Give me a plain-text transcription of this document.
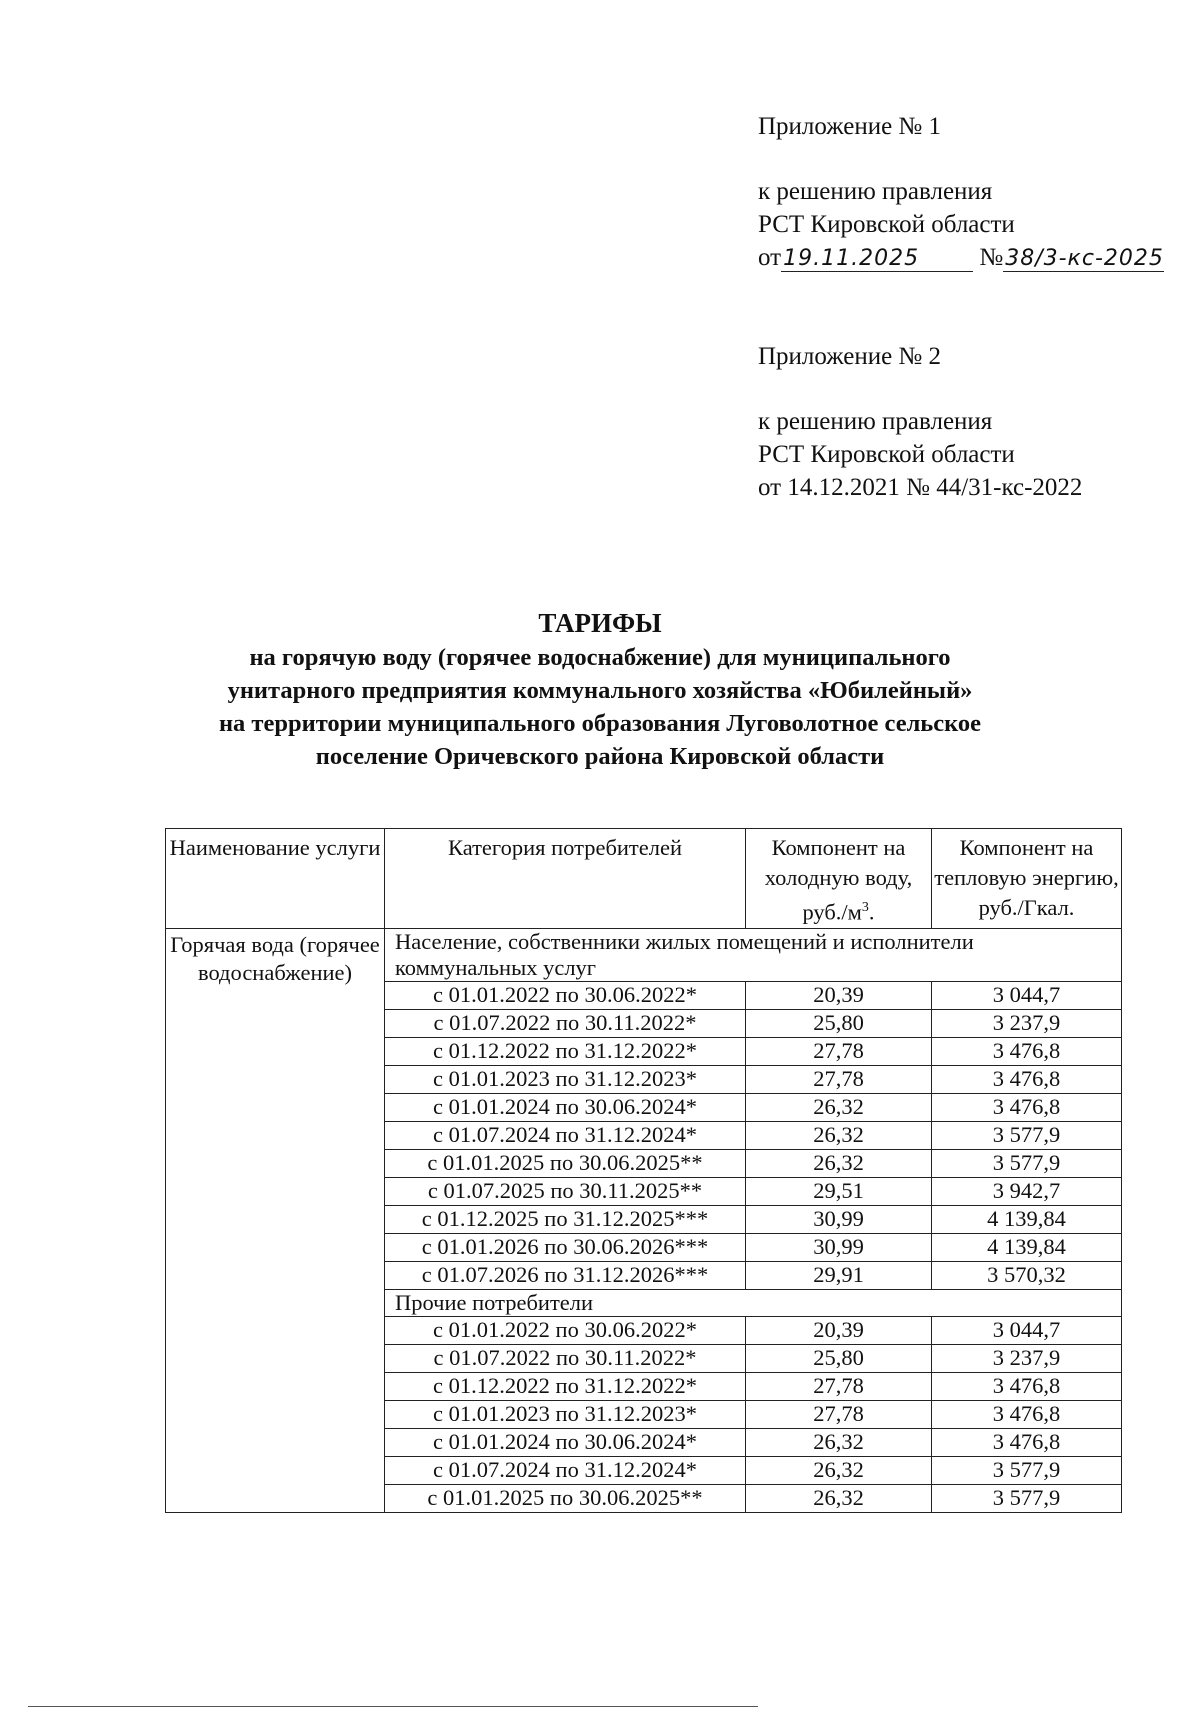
Приложение № 1

к решению правления

РСТ Кировской области

от19.11.2025 №38/3-кс-2025

Приложение № 2

к решению правления

РСТ Кировской области

от 14.12.2021 № 44/31-кс-2022

ТАРИФЫ
на горячую воду (горячее водоснабжение) для муниципального
унитарного предприятия коммунального хозяйства «Юбилейный»
на территории муниципального образования Луговолотное сельское
поселение Оричевского района Кировской области
Наименование услуги	Категория потребителей	Компонент на холодную воду, $руб./м^3$.	Компонент на тепловую энергию, руб./Гкал.
Горячая вода (горячее водоснабжение)	Население, собственники жилых помещений и исполнители коммунальных услуг		
	с 01.01.2022 по 30.06.2022*	20,39	3 044,7
	с 01.07.2022 по 30.11.2022*	25,80	3 237,9
	с 01.12.2022 по 31.12.2022*	27,78	3 476,8
	с 01.01.2023 по 31.12.2023*	27,78	3 476,8
	с 01.01.2024 по 30.06.2024*	26,32	3 476,8
	с 01.07.2024 по 31.12.2024*	26,32	3 577,9
	с 01.01.2025 по 30.06.2025**	26,32	3 577,9
	с 01.07.2025 по 30.11.2025**	29,51	3 942,7
	с 01.12.2025 по 31.12.2025***	30,99	4 139,84
	с 01.01.2026 по 30.06.2026***	30,99	4 139,84
	с 01.07.2026 по 31.12.2026***	29,91	3 570,32
	Прочие потребители		
	с 01.01.2022 по 30.06.2022*	20,39	3 044,7
	с 01.07.2022 по 30.11.2022*	25,80	3 237,9
	с 01.12.2022 по 31.12.2022*	27,78	3 476,8
	с 01.01.2023 по 31.12.2023*	27,78	3 476,8
	с 01.01.2024 по 30.06.2024*	26,32	3 476,8
	с 01.07.2024 по 31.12.2024*	26,32	3 577,9
	с 01.01.2025 по 30.06.2025**	26,32	3 577,9
